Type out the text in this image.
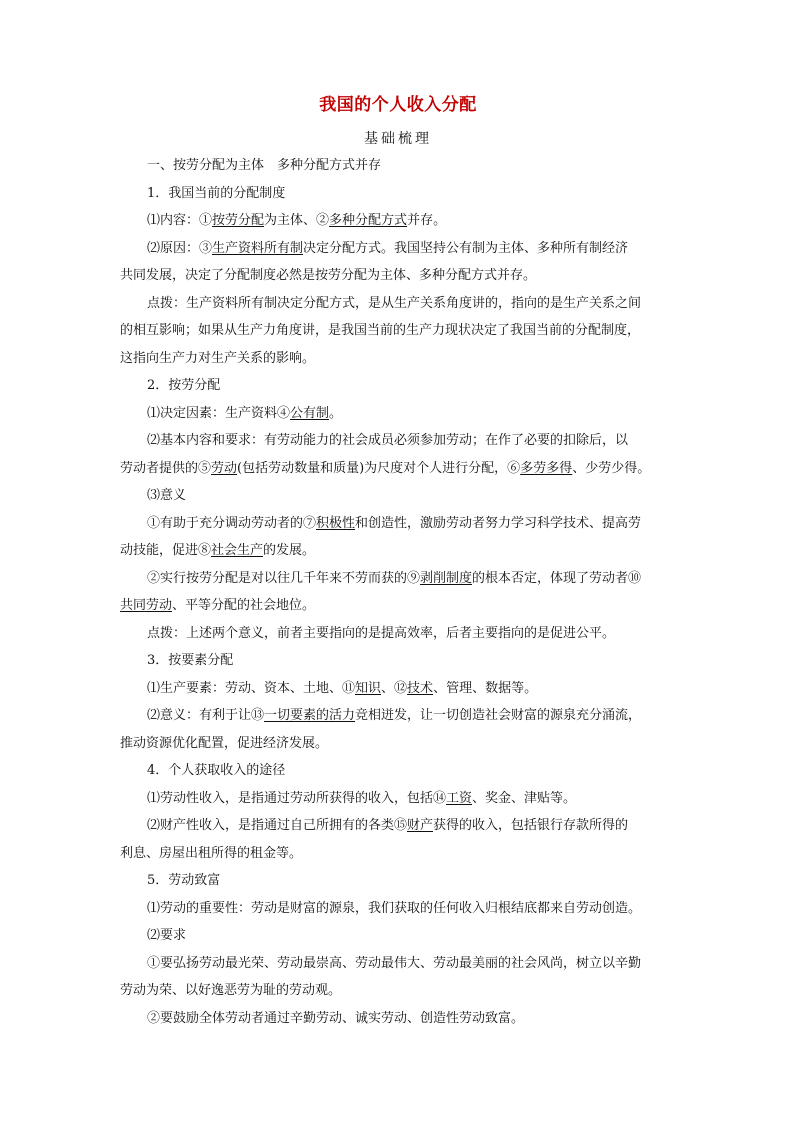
我国的个人收入分配
基础梳理

一、按劳分配为主体　多种分配方式并存

1．我国当前的分配制度

⑴内容：①按劳分配为主体、②多种分配方式并存。

⑵原因：③生产资料所有制决定分配方式。我国坚持公有制为主体、多种所有制经济

共同发展，决定了分配制度必然是按劳分配为主体、多种分配方式并存。

点拨：生产资料所有制决定分配方式，是从生产关系角度讲的，指向的是生产关系之间

的相互影响；如果从生产力角度讲，是我国当前的生产力现状决定了我国当前的分配制度，

这指向生产力对生产关系的影响。

2．按劳分配

⑴决定因素：生产资料④公有制。

⑵基本内容和要求：有劳动能力的社会成员必须参加劳动；在作了必要的扣除后，以

劳动者提供的⑤劳动(包括劳动数量和质量)为尺度对个人进行分配，⑥多劳多得、少劳少得。

⑶意义

①有助于充分调动劳动者的⑦积极性和创造性，激励劳动者努力学习科学技术、提高劳

动技能，促进⑧社会生产的发展。

②实行按劳分配是对以往几千年来不劳而获的⑨剥削制度的根本否定，体现了劳动者⑩

共同劳动、平等分配的社会地位。

点拨：上述两个意义，前者主要指向的是提高效率，后者主要指向的是促进公平。

3．按要素分配

⑴生产要素：劳动、资本、土地、⑪知识、⑫技术、管理、数据等。

⑵意义：有利于让⑬一切要素的活力竞相迸发，让一切创造社会财富的源泉充分涌流，

推动资源优化配置，促进经济发展。

4．个人获取收入的途径

⑴劳动性收入，是指通过劳动所获得的收入，包括⑭工资、奖金、津贴等。

⑵财产性收入，是指通过自己所拥有的各类⑮财产获得的收入，包括银行存款所得的

利息、房屋出租所得的租金等。

5．劳动致富

⑴劳动的重要性：劳动是财富的源泉，我们获取的任何收入归根结底都来自劳动创造。

⑵要求

①要弘扬劳动最光荣、劳动最崇高、劳动最伟大、劳动最美丽的社会风尚，树立以辛勤

劳动为荣、以好逸恶劳为耻的劳动观。

②要鼓励全体劳动者通过辛勤劳动、诚实劳动、创造性劳动致富。
